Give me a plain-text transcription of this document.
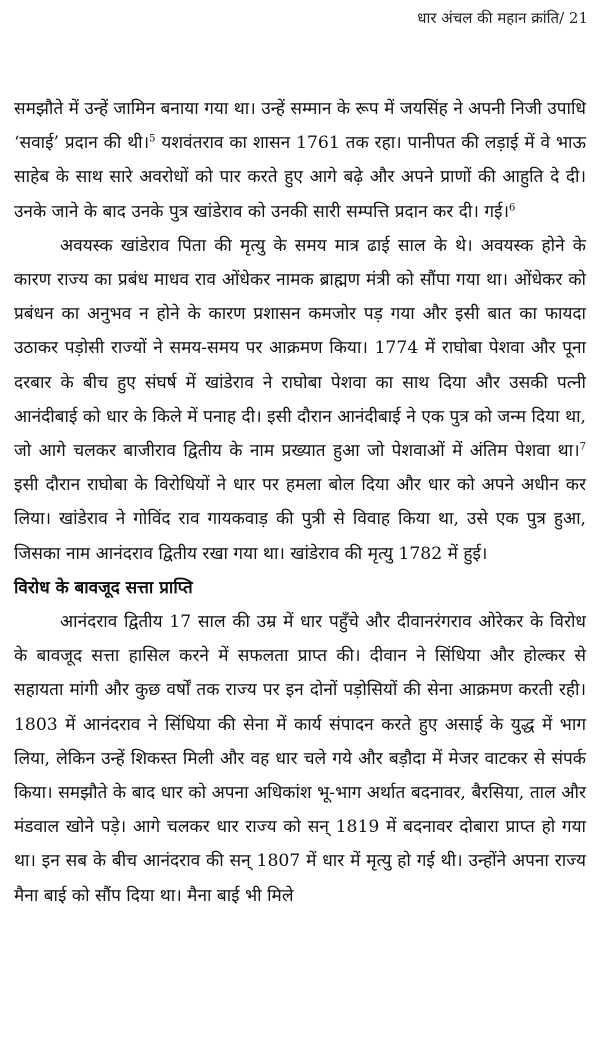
धार अंचल की महान क्रांति/ 21

समझौते में उन्हें जामिन बनाया गया था। उन्हें सम्मान के रूप में जयसिंह ने अपनी निजी उपाधि ‘सवाई’ प्रदान की थी।$^5$ यशवंतराव का शासन 1761 तक रहा। पानीपत की लड़ाई में वे भाऊ साहेब के साथ सारे अवरोधों को पार करते हुए आगे बढ़े और अपने प्राणों की आहुति दे दी। उनके जाने के बाद उनके पुत्र खांडेराव को उनकी सारी सम्पत्ति प्रदान कर दी। गई।$^6$

अवयस्क खांडेराव पिता की मृत्यु के समय मात्र ढाई साल के थे। अवयस्क होने के कारण राज्य का प्रबंध माधव राव ओंधेकर नामक ब्राह्मण मंत्री को सौंपा गया था। ओंधेकर को प्रबंधन का अनुभव न होने के कारण प्रशासन कमजोर पड़ गया और इसी बात का फायदा उठाकर पड़ोसी राज्यों ने समय-समय पर आक्रमण किया। 1774 में राघोबा पेशवा और पूना दरबार के बीच हुए संघर्ष में खांडेराव ने राघोबा पेशवा का साथ दिया और उसकी पत्नी आनंदीबाई को धार के किले में पनाह दी। इसी दौरान आनंदीबाई ने एक पुत्र को जन्म दिया था, जो आगे चलकर बाजीराव द्वितीय के नाम प्रख्यात हुआ जो पेशवाओं में अंतिम पेशवा था।$^7$ इसी दौरान राघोबा के विरोधियों ने धार पर हमला बोल दिया और धार को अपने अधीन कर लिया। खांडेराव ने गोविंद राव गायकवाड़ की पुत्री से विवाह किया था, उसे एक पुत्र हुआ, जिसका नाम आनंदराव द्वितीय रखा गया था। खांडेराव की मृत्यु 1782 में हुई।

विरोध के बावजूद सत्ता प्राप्ति

आनंदराव द्वितीय 17 साल की उम्र में धार पहुँचे और दीवानरंगराव ओरेकर के विरोध के बावजूद सत्ता हासिल करने में सफलता प्राप्त की। दीवान ने सिंधिया और होल्कर से सहायता मांगी और कुछ वर्षों तक राज्य पर इन दोनों पड़ोसियों की सेना आक्रमण करती रही। 1803 में आनंदराव ने सिंधिया की सेना में कार्य संपादन करते हुए असाई के युद्ध में भाग लिया, लेकिन उन्हें शिकस्त मिली और वह धार चले गये और बड़ौदा में मेजर वाटकर से संपर्क किया। समझौते के बाद धार को अपना अधिकांश भू-भाग अर्थात बदनावर, बैरसिया, ताल और मंडवाल खोने पड़े। आगे चलकर धार राज्य को सन् 1819 में बदनावर दोबारा प्राप्त हो गया था। इन सब के बीच आनंदराव की सन् 1807 में धार में मृत्यु हो गई थी। उन्होंने अपना राज्य मैना बाई को सौंप दिया था। मैना बाई भी मिले
